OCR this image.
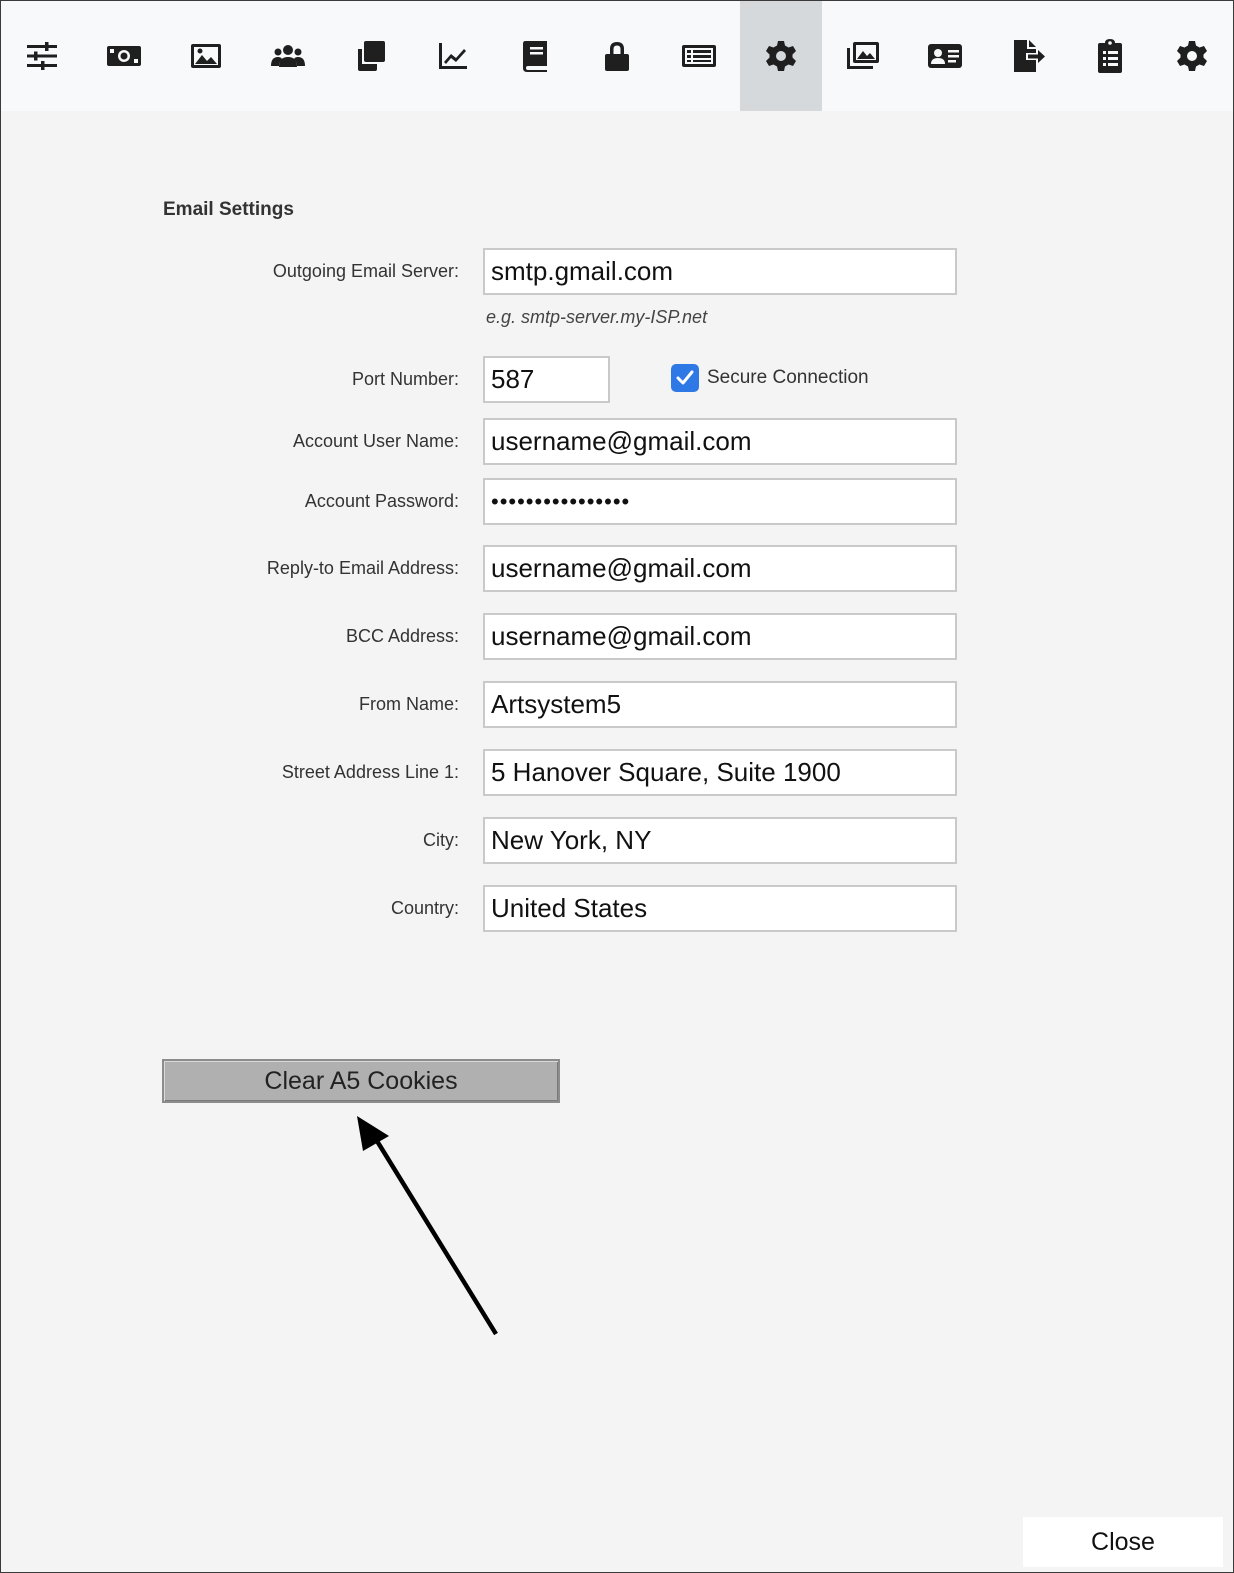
Email Settings
Outgoing Email Server:	smtp.gmail.com
e.g. smtp-server.my-ISP.net
Port Number:	587	Secure Connection
Account User Name:	username@gmail.com
Account Password:	••••••••••••••••
Reply-to Email Address:	username@gmail.com
BCC Address:	username@gmail.com
From Name:	Artsystem5
Street Address Line 1:	5 Hanover Square, Suite 1900
City:	New York, NY
Country:	United States
Clear A5 Cookies
Close
